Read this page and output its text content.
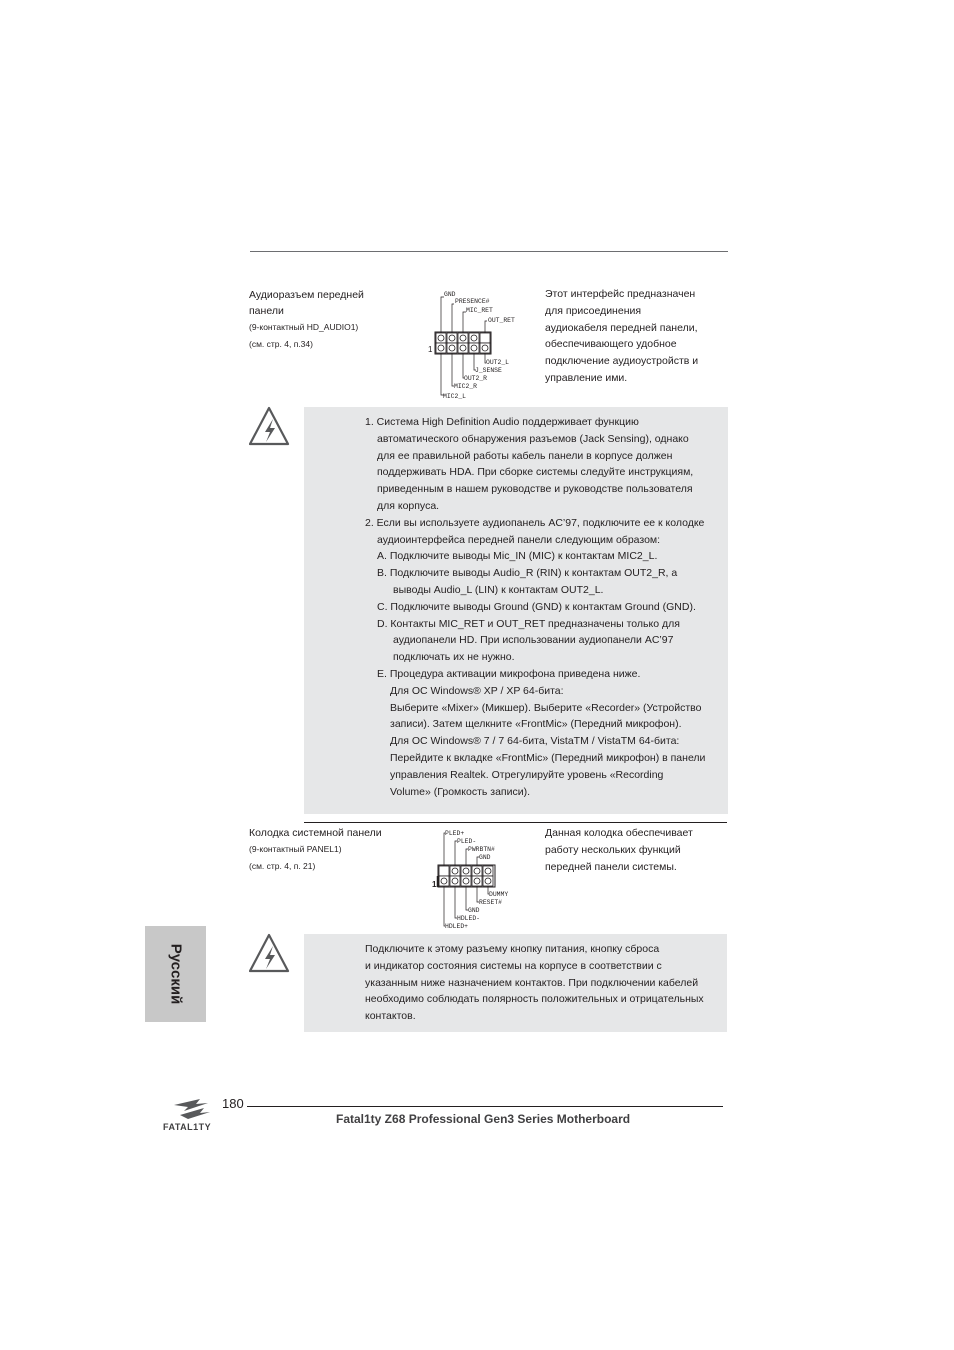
Аудиоразъем передней
панели
(9-контактный HD_AUDIO1)
(см. стр. 4, п.34)
GND
PRESENCE#
MIC_RET
OUT_RET
OUT2_L
J_SENSE
OUT2_R
MIC2_R
MIC2_L
1
Этот интерфейс предназначен
для присоединения
аудиокабеля передней панели,
обеспечивающего удобное
подключение аудиоустройств и
управление ими.
1. Система High Definition Audio поддерживает функцию
автоматического обнаружения разъемов (Jack Sensing), однако
для ее правильной работы кабель панели в корпусе должен
поддерживать HDA. При сборке системы следуйте инструкциям,
приведенным в нашем руководстве и руководстве пользователя
для корпуса.
2. Если вы используете аудиопанель AC’97, подключите ее к колодке
аудиоинтерфейса передней панели следующим образом:
A. Подключите выводы Mic_IN (MIC) к контактам MIC2_L.
B. Подключите выводы Audio_R (RIN) к контактам OUT2_R, а
выводы Audio_L (LIN) к контактам OUT2_L.
C. Подключите выводы Ground (GND) к контактам Ground (GND).
D. Контакты MIC_RET и OUT_RET предназначены только для
аудиопанели HD. При использовании аудиопанели AC’97
подключать их не нужно.
E. Процедура активации микрофона приведена ниже.
Для ОС Windows® XP / XP 64-бита:
Выберите «Mixer» (Микшер). Выберите «Recorder» (Устройство
записи). Затем щелкните «FrontMic» (Передний микрофон).
Для ОС Windows® 7 / 7 64-бита, VistaTM / VistaTM 64-бита:
Перейдите к вкладке «FrontMic» (Передний микрофон) в панели
управления Realtek. Отрегулируйте уровень «Recording
Volume» (Громкость записи).
Колодка системной панели
(9-контактный PANEL1)
(см. стр. 4, п. 21)
PLED+
PLED-
PWRBTN#
GND
DUMMY
RESET#
GND
HDLED-
HDLED+
1
Данная колодка обеспечивает
работу нескольких функций
передней панели системы.
Подключите к этому разъему кнопку питания, кнопку сброса
и индикатор состояния системы на корпусе в соответствии с
указанным ниже назначением контактов. При подключении кабелей
необходимо соблюдать полярность положительных и отрицательных
контактов.
Русский
FATAL1TY
180
Fatal1ty Z68 Professional Gen3 Series Motherboard
